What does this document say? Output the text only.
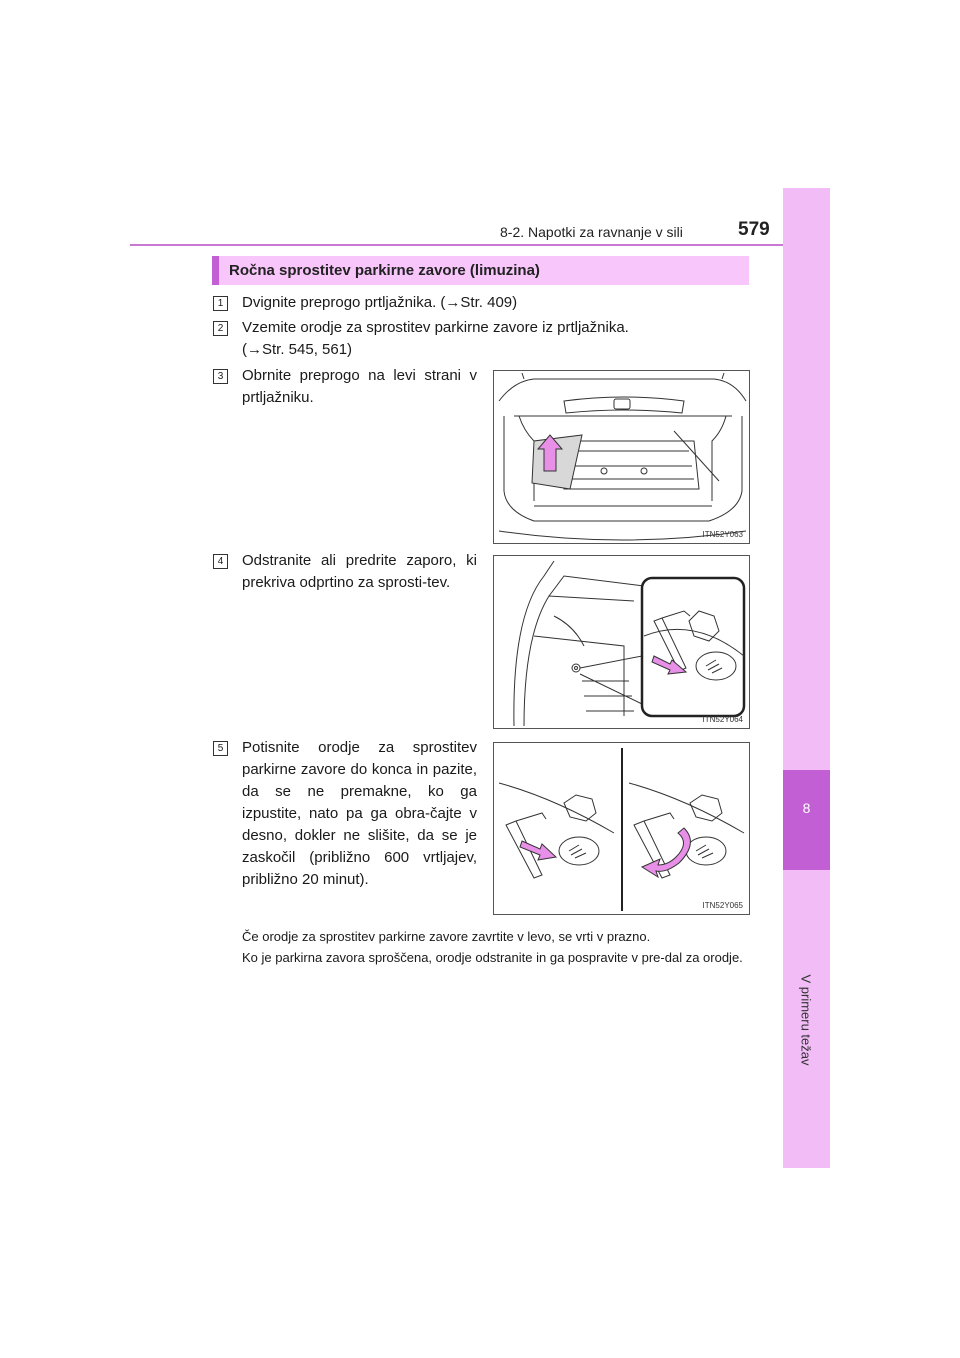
8-2. Napotki za ravnanje v sili	579
8
V primeru težav
Ročna sprostitev parkirne zavore (limuzina)
1	Dvignite preprogo prtljažnika. (→Str. 409)
2	Vzemite orodje za sprostitev parkirne zavore iz prtljažnika.
(→Str. 545, 561)
3	Obrnite preprogo na levi strani v prtljažniku.
ITN52Y063
4	Odstranite ali predrite zaporo, ki prekriva odprtino za sprosti-tev.
ITN52Y064
5	Potisnite orodje za sprostitev parkirne zavore do konca in pazite, da se ne premakne, ko ga izpustite, nato pa ga obra-čajte v desno, dokler ne slišite, da se je zaskočil (približno 600 vrtljajev, približno 20 minut).
ITN52Y065
Če orodje za sprostitev parkirne zavore zavrtite v levo, se vrti v prazno.
Ko je parkirna zavora sproščena, orodje odstranite in ga pospravite v pre-dal za orodje.
